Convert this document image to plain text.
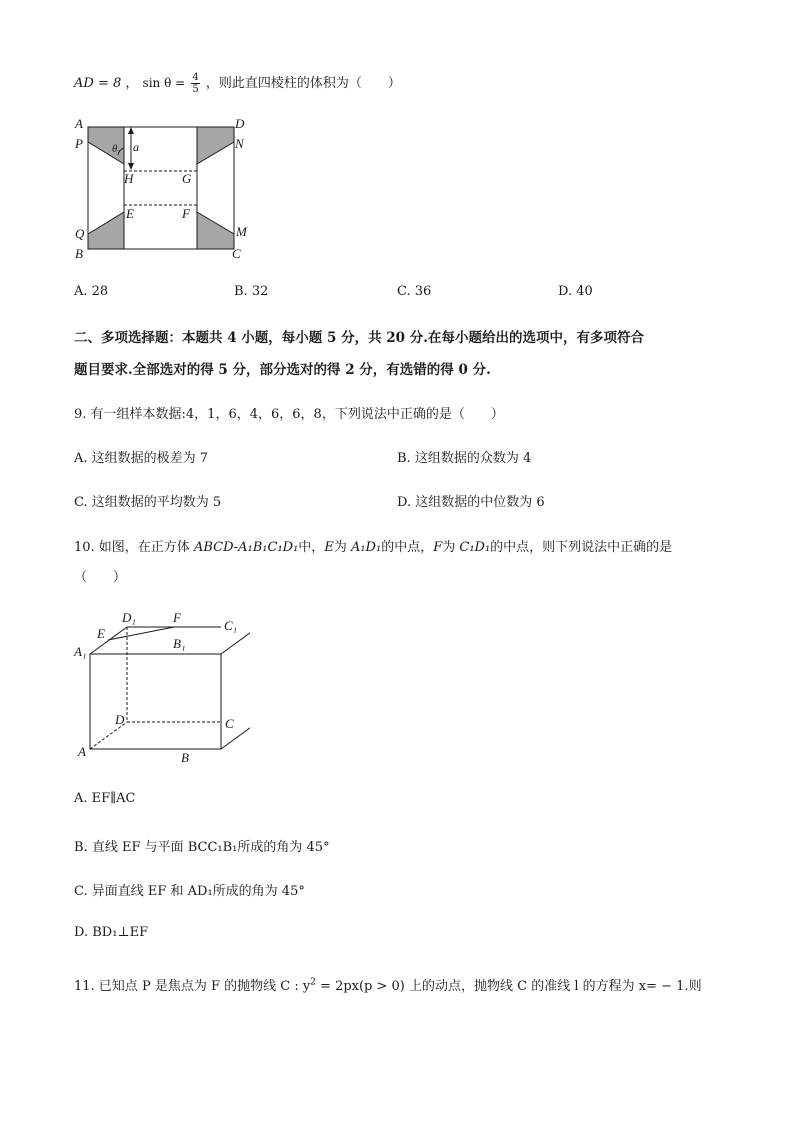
AD = 8 ， $\sin \theta = \frac{4}{5}$ ，则此直四棱柱的体积为（　　）
A	D
P	N
θ a
H	G
E	F
Q	M
B	C
A. 28	B. 32	C. 36	D. 40
二、多项选择题：本题共 4 小题，每小题 5 分，共 20 分.在每小题给出的选项中，有多项符合
题目要求.全部选对的得 5 分，部分选对的得 2 分，有选错的得 0 分.
9. 有一组样本数据:4，1，6，4，6，6，8，下列说法中正确的是（　　）
A. 这组数据的极差为 7	B. 这组数据的众数为 4
C. 这组数据的平均数为 5	D. 这组数据的中位数为 6
10. 如图，在正方体 ABCD-A₁B₁C₁D₁中，E为 A₁D₁的中点，F为 C₁D₁的中点，则下列说法中正确的是
（　　）
D₁	F
C₁
E
B₁
A₁
D	C
A	B
A. EF∥AC
B. 直线 EF 与平面 BCC₁B₁所成的角为 45°
C. 异面直线 EF 和 AD₁所成的角为 45°
D. BD₁⊥EF
11. 已知点 P 是焦点为 F 的抛物线 C : $y^2 = 2px(p > 0)$ 上的动点，抛物线 C 的准线 l 的方程为 x= − 1.则
